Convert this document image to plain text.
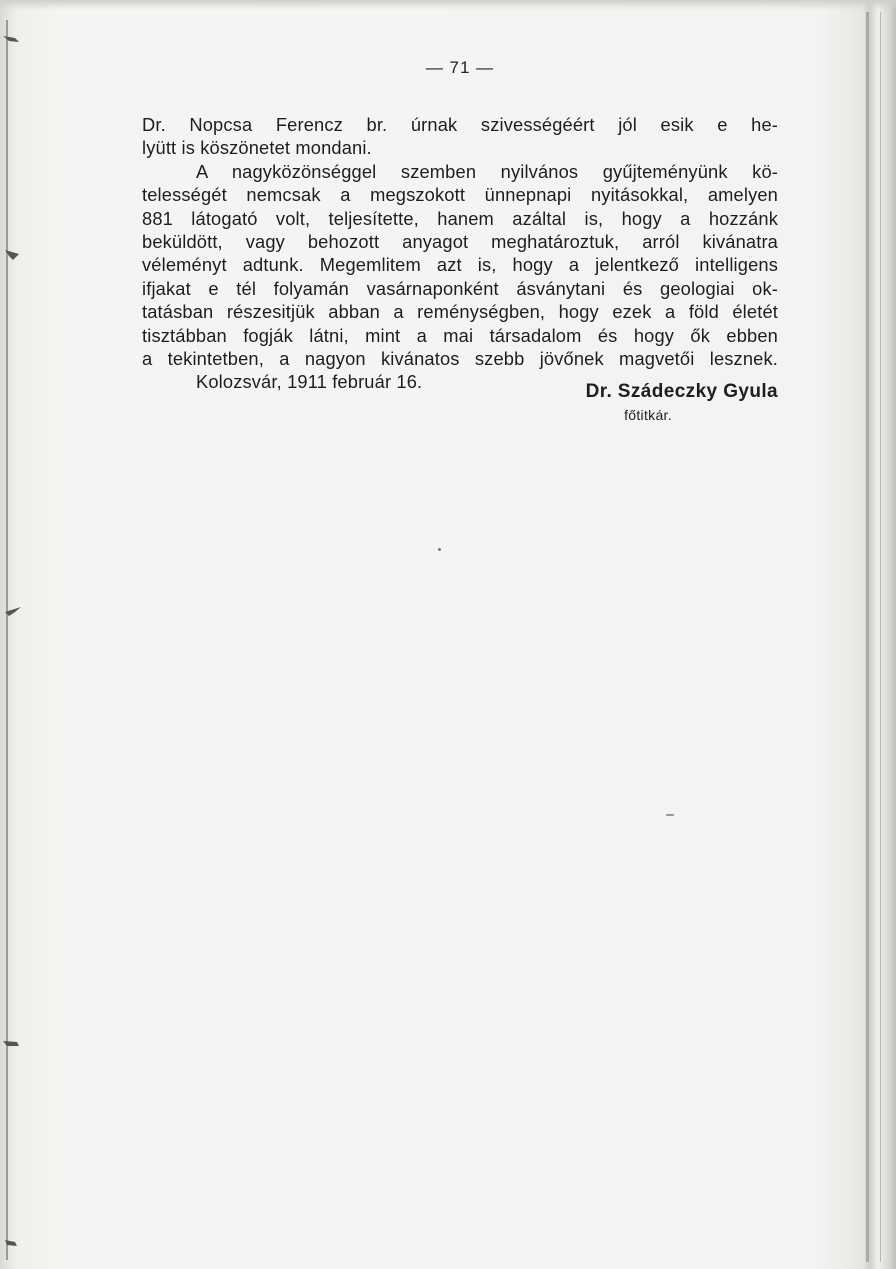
— 71 —
Dr. Nopcsa Ferencz br. úrnak szivességéért jól esik e he-
lyütt is köszönetet mondani.
A nagyközönséggel szemben nyilvános gyűjteményünk kö-
telességét nemcsak a megszokott ünnepnapi nyitásokkal, amelyen
881 látogató volt, teljesítette, hanem azáltal is, hogy a hozzánk
beküldött, vagy behozott anyagot meghatároztuk, arról kivánatra
véleményt adtunk. Megemlitem azt is, hogy a jelentkező intelligens
ifjakat e tél folyamán vasárnaponként ásványtani és geologiai ok-
tatásban részesitjük abban a reménységben, hogy ezek a föld életét
tisztábban fogják látni, mint a mai társadalom és hogy ők ebben
a tekintetben, a nagyon kivánatos szebb jövőnek magvetői lesznek.
Kolozsvár, 1911 február 16.	Dr. Szádeczky Gyula
főtitkár.
